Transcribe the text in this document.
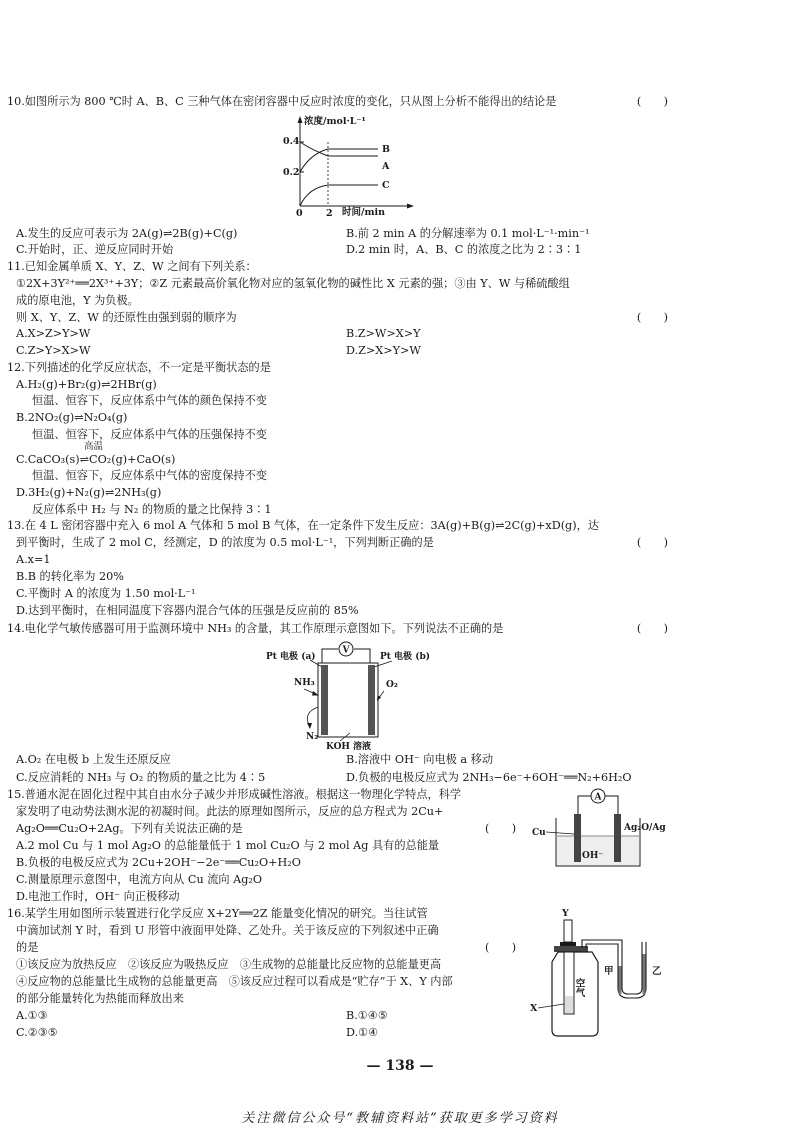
10.如图所示为 800 ℃时 A、B、C 三种气体在密闭容器中反应时浓度的变化，只从图上分析不能得出的结论是	(　　)
浓度/mol·L⁻¹
时间/min
0.4
0.2
0 2
B
A
C
A.发生的反应可表示为 2A(g)⇌2B(g)+C(g)	B.前 2 min A 的分解速率为 0.1 mol·L⁻¹·min⁻¹
C.开始时，正、逆反应同时开始	D.2 min 时，A、B、C 的浓度之比为 2∶3∶1
11.已知金属单质 X、Y、Z、W 之间有下列关系：
①2X+3Y²⁺══2X³⁺+3Y；②Z 元素最高价氧化物对应的氢氧化物的碱性比 X 元素的强；③由 Y、W 与稀硫酸组
成的原电池，Y 为负极。
则 X、Y、Z、W 的还原性由强到弱的顺序为	(　　)
A.X>Z>Y>W	B.Z>W>X>Y
C.Z>Y>X>W	D.Z>X>Y>W
12.下列描述的化学反应状态，不一定是平衡状态的是
A.H₂(g)+Br₂(g)⇌2HBr(g)
恒温、恒容下，反应体系中气体的颜色保持不变
B.2NO₂(g)⇌N₂O₄(g)
恒温、恒容下，反应体系中气体的压强保持不变
高温
C.CaCO₃(s)⇌CO₂(g)+CaO(s)
恒温、恒容下，反应体系中气体的密度保持不变
D.3H₂(g)+N₂(g)⇌2NH₃(g)
反应体系中 H₂ 与 N₂ 的物质的量之比保持 3∶1
13.在 4 L 密闭容器中充入 6 mol A 气体和 5 mol B 气体，在一定条件下发生反应：3A(g)+B(g)⇌2C(g)+xD(g)，达
到平衡时，生成了 2 mol C，经测定，D 的浓度为 0.5 mol·L⁻¹，下列判断正确的是	(　　)
A.x=1
B.B 的转化率为 20%
C.平衡时 A 的浓度为 1.50 mol·L⁻¹
D.达到平衡时，在相同温度下容器内混合气体的压强是反应前的 85%
14.电化学气敏传感器可用于监测环境中 NH₃ 的含量，其工作原理示意图如下。下列说法不正确的是	(　　)
V
Pt 电极 (a)	Pt 电极 (b)
NH₃
N₂
O₂
KOH 溶液
A.O₂ 在电极 b 上发生还原反应	B.溶液中 OH⁻ 向电极 a 移动
C.反应消耗的 NH₃ 与 O₂ 的物质的量之比为 4∶5	D.负极的电极反应式为 2NH₃−6e⁻+6OH⁻══N₂+6H₂O
15.普通水泥在固化过程中其自由水分子减少并形成碱性溶液。根据这一物理化学特点，科学
家发明了电动势法测水泥的初凝时间。此法的原理如图所示，反应的总方程式为 2Cu+
Ag₂O══Cu₂O+2Ag。下列有关说法正确的是	(　　)
A.2 mol Cu 与 1 mol Ag₂O 的总能量低于 1 mol Cu₂O 与 2 mol Ag 具有的总能量
B.负极的电极反应式为 2Cu+2OH⁻−2e⁻══Cu₂O+H₂O
C.测量原理示意图中，电流方向从 Cu 流向 Ag₂O
D.电池工作时，OH⁻ 向正极移动
A
Cu	Ag₂O/Ag
OH⁻
16.某学生用如图所示装置进行化学反应 X+2Y══2Z 能量变化情况的研究。当往试管
中滴加试剂 Y 时，看到 U 形管中液面甲处降、乙处升。关于该反应的下列叙述中正确
的是	(　　)
①该反应为放热反应　②该反应为吸热反应　③生成物的总能量比反应物的总能量更高
④反应物的总能量比生成物的总能量更高　⑤该反应过程可以看成是“贮存”于 X、Y 内部
的部分能量转化为热能而释放出来
A.①③	B.①④⑤
C.②③⑤	D.①④
Y
空气
X
甲	乙
— 138 —
关注微信公众号“教辅资料站”获取更多学习资料
